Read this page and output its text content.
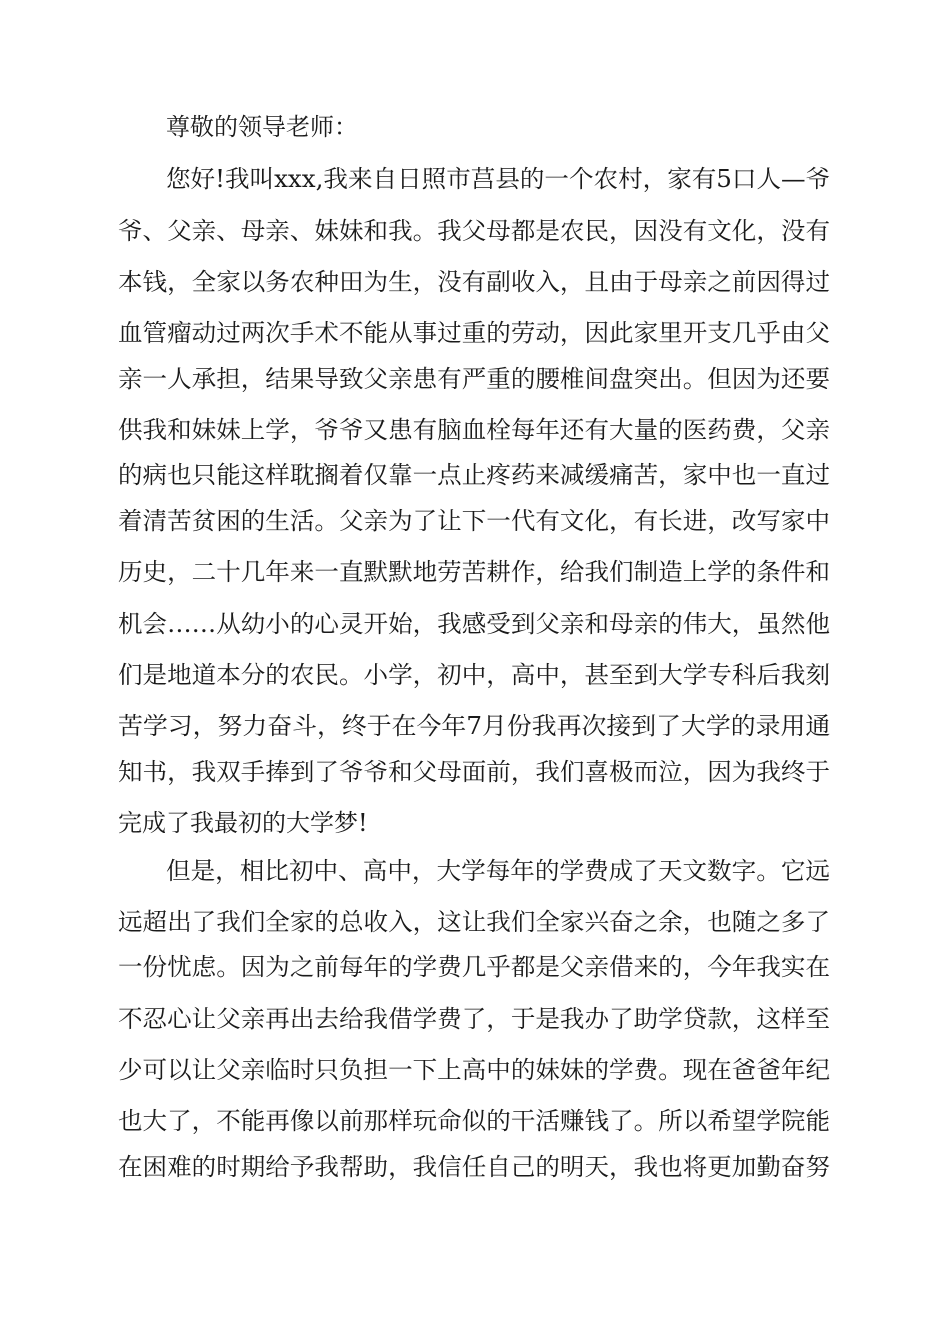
尊敬的领导老师：
您好!我叫xxx,我来自日照市莒县的一个农村，家有5口人—爷
爷、父亲、母亲、妹妹和我。我父母都是农民，因没有文化，没有
本钱，全家以务农种田为生，没有副收入，且由于母亲之前因得过
血管瘤动过两次手术不能从事过重的劳动，因此家里开支几乎由父
亲一人承担，结果导致父亲患有严重的腰椎间盘突出。但因为还要
供我和妹妹上学，爷爷又患有脑血栓每年还有大量的医药费，父亲
的病也只能这样耽搁着仅靠一点止疼药来减缓痛苦，家中也一直过
着清苦贫困的生活。父亲为了让下一代有文化，有长进，改写家中
历史，二十几年来一直默默地劳苦耕作，给我们制造上学的条件和
机会……从幼小的心灵开始，我感受到父亲和母亲的伟大，虽然他
们是地道本分的农民。小学，初中，高中，甚至到大学专科后我刻
苦学习，努力奋斗，终于在今年7月份我再次接到了大学的录用通
知书，我双手捧到了爷爷和父母面前，我们喜极而泣，因为我终于
完成了我最初的大学梦!
但是，相比初中、高中，大学每年的学费成了天文数字。它远
远超出了我们全家的总收入，这让我们全家兴奋之余，也随之多了
一份忧虑。因为之前每年的学费几乎都是父亲借来的，今年我实在
不忍心让父亲再出去给我借学费了，于是我办了助学贷款，这样至
少可以让父亲临时只负担一下上高中的妹妹的学费。现在爸爸年纪
也大了，不能再像以前那样玩命似的干活赚钱了。所以希望学院能
在困难的时期给予我帮助，我信任自己的明天，我也将更加勤奋努
